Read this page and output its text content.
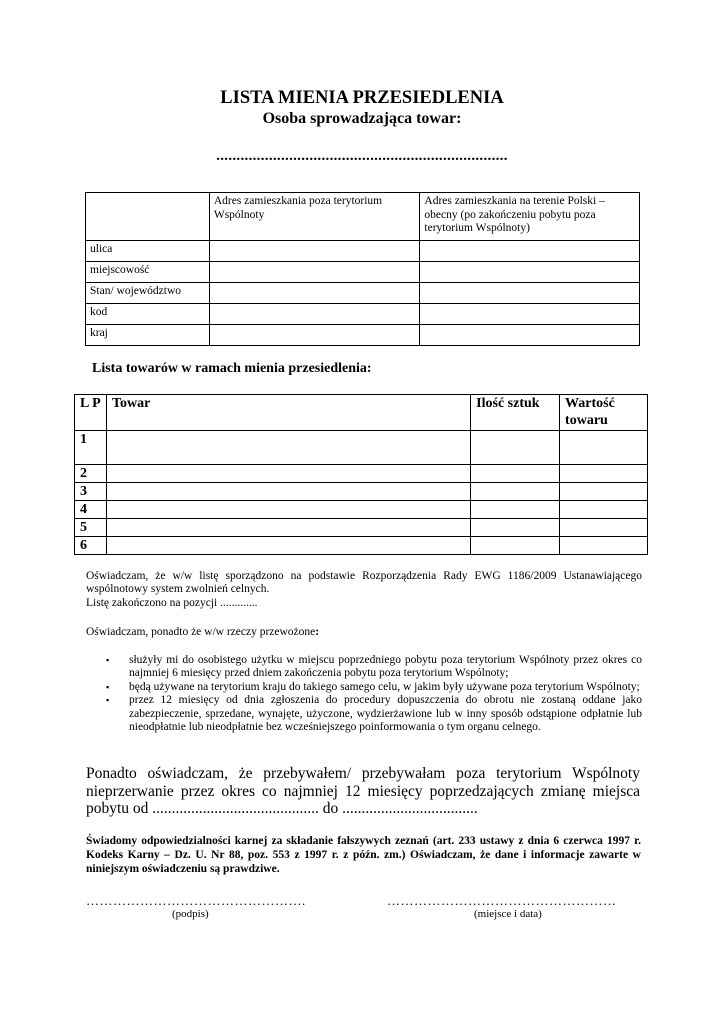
LISTA MIENIA PRZESIEDLENIA
Osoba sprowadzająca towar:
........................................................................
	Adres zamieszkania poza terytorium Wspólnoty	Adres zamieszkania na terenie Polski – obecny (po zakończeniu pobytu poza terytorium Wspólnoty)
ulica		
miejscowość		
Stan/ województwo		
kod		
kraj		
Lista towarów w ramach mienia przesiedlenia:
L P	Towar	Ilość sztuk	Wartość towaru
1			
2			
3			
4			
5			
6			
Oświadczam, że w/w listę sporządzono na podstawie Rozporządzenia Rady EWG 1186/2009 Ustanawiającego wspólnotowy system zwolnień celnych.
Listę zakończono na pozycji .............
Oświadczam, ponadto że w/w rzeczy przewożone:
▪ służyły mi do osobistego użytku w miejscu poprzedniego pobytu poza terytorium Wspólnoty przez okres co najmniej 6 miesięcy przed dniem zakończenia pobytu poza terytorium Wspólnoty;
▪ będą używane na terytorium kraju do takiego samego celu, w jakim były używane poza terytorium Wspólnoty;
▪ przez 12 miesięcy od dnia zgłoszenia do procedury dopuszczenia do obrotu nie zostaną oddane jako zabezpieczenie, sprzedane, wynajęte, użyczone, wydzierżawione lub w inny sposób odstąpione odpłatnie lub nieodpłatnie lub nieodpłatnie bez wcześniejszego poinformowania o tym organu celnego.
Ponadto oświadczam, że przebywałem/ przebywałam poza terytorium Wspólnoty nieprzerwanie przez okres co najmniej 12 miesięcy poprzedzających zmianę miejsca pobytu od ........................................... do ...................................
Świadomy odpowiedzialności karnej za składanie fałszywych zeznań (art. 233 ustawy z dnia 6 czerwca 1997 r. Kodeks Karny – Dz. U. Nr 88, poz. 553 z 1997 r. z późn. zm.) Oświadczam, że dane i informacje zawarte w niniejszym oświadczeniu są prawdziwe.
………………………………………….
(podpis)
……………………………………………
(miejsce i data)
